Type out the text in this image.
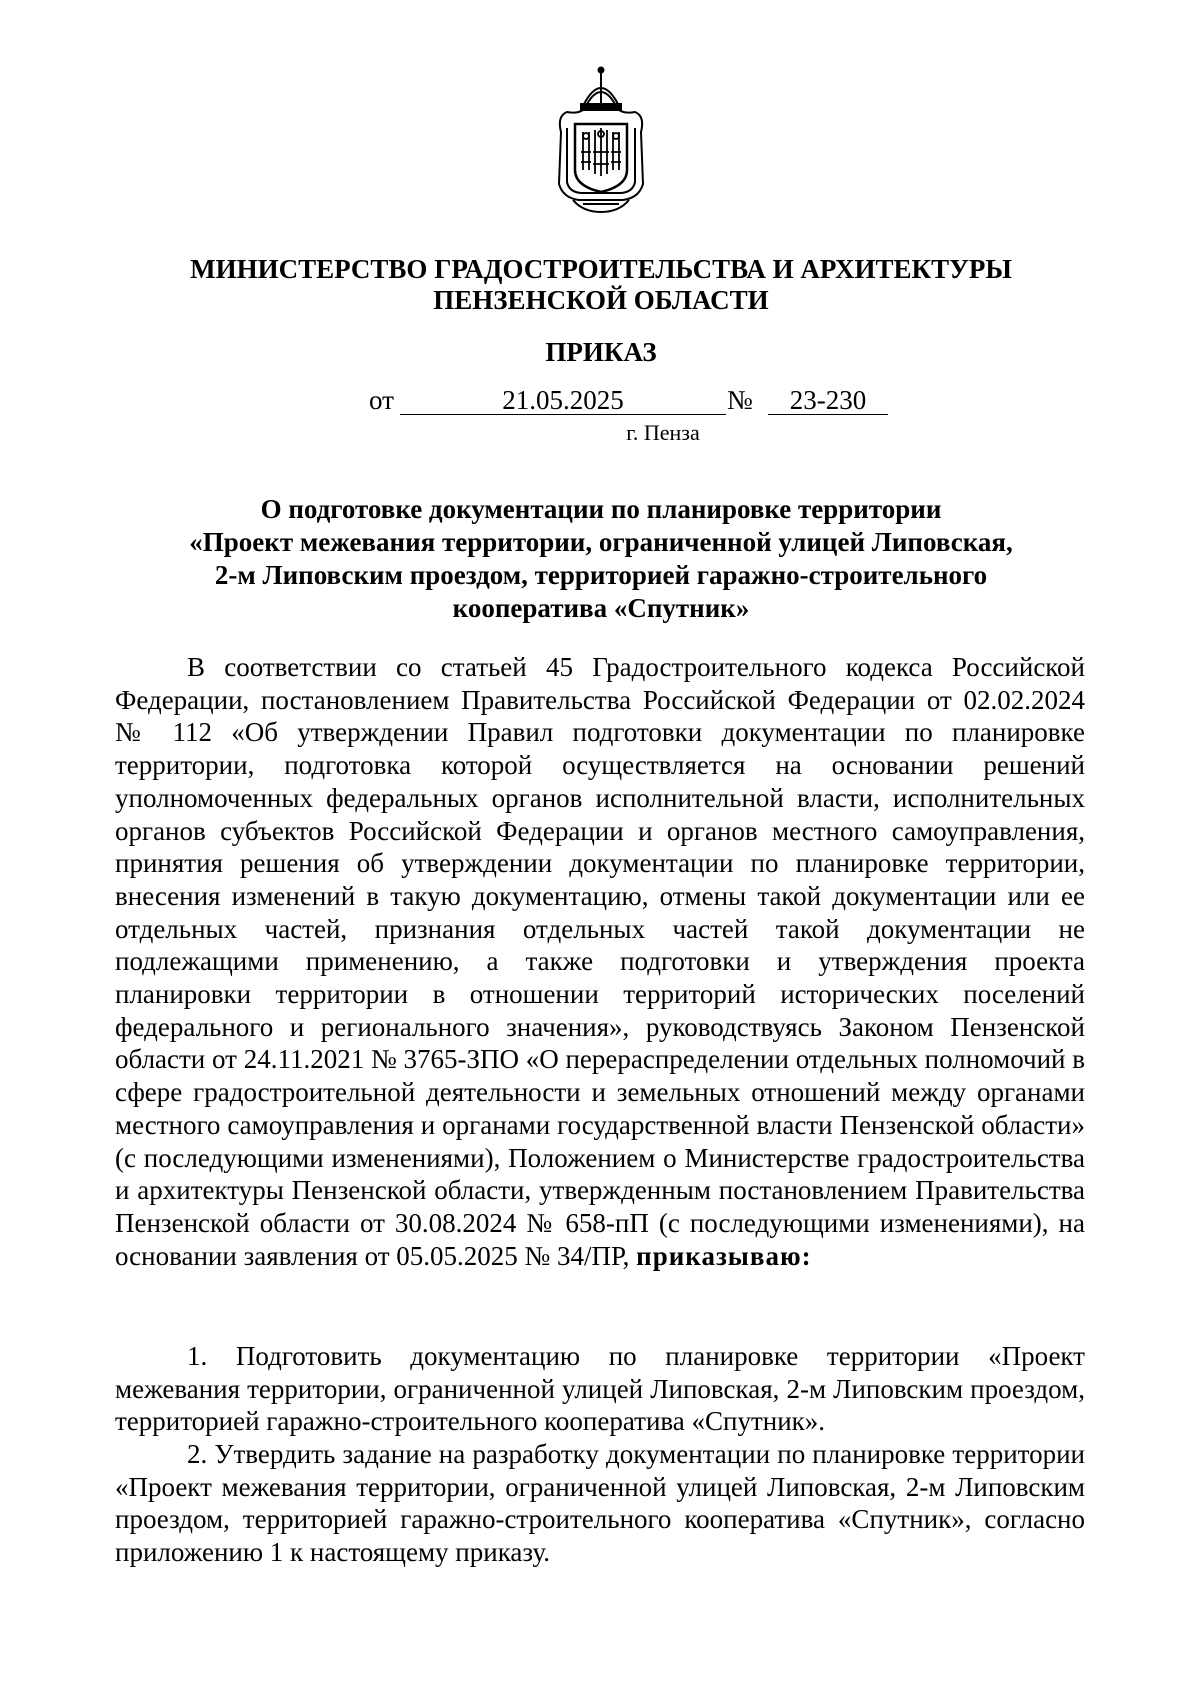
МИНИСТЕРСТВО ГРАДОСТРОИТЕЛЬСТВА И АРХИТЕКТУРЫ
ПЕНЗЕНСКОЙ ОБЛАСТИ
ПРИКАЗ
от	21.05.2025	№	23-230
г. Пенза
О подготовке документации по планировке территории
«Проект межевания территории, ограниченной улицей Липовская,
2-м Липовским проездом, территорией гаражно-строительного
кооператива «Спутник»
В соответствии со статьей 45 Градостроительного кодекса Российской Федерации, постановлением Правительства Российской Федерации от 02.02.2024 № 112 «Об утверждении Правил подготовки документации по планировке территории, подготовка которой осуществляется на основании решений уполномоченных федеральных органов исполнительной власти, исполнительных органов субъектов Российской Федерации и органов местного самоуправления, принятия решения об утверждении документации по планировке территории, внесения изменений в такую документацию, отмены такой документации или ее отдельных частей, признания отдельных частей такой документации не подлежащими применению, а также подготовки и утверждения проекта планировки территории в отношении территорий исторических поселений федерального и регионального значения», руководствуясь Законом Пензенской области от 24.11.2021 № 3765-ЗПО «О перераспределении отдельных полномочий в сфере градостроительной деятельности и земельных отношений между органами местного самоуправления и органами государственной власти Пензенской области» (с последующими изменениями), Положением о Министерстве градостроительства и архитектуры Пензенской области, утвержденным постановлением Правительства Пензенской области от 30.08.2024 № 658-пП (с последующими изменениями), на основании заявления от 05.05.2025 № 34/ПР, приказываю:
1. Подготовить документацию по планировке территории «Проект межевания территории, ограниченной улицей Липовская, 2-м Липовским проездом, территорией гаражно-строительного кооператива «Спутник».
2. Утвердить задание на разработку документации по планировке территории «Проект межевания территории, ограниченной улицей Липовская, 2-м Липовским проездом, территорией гаражно-строительного кооператива «Спутник», согласно приложению 1 к настоящему приказу.
